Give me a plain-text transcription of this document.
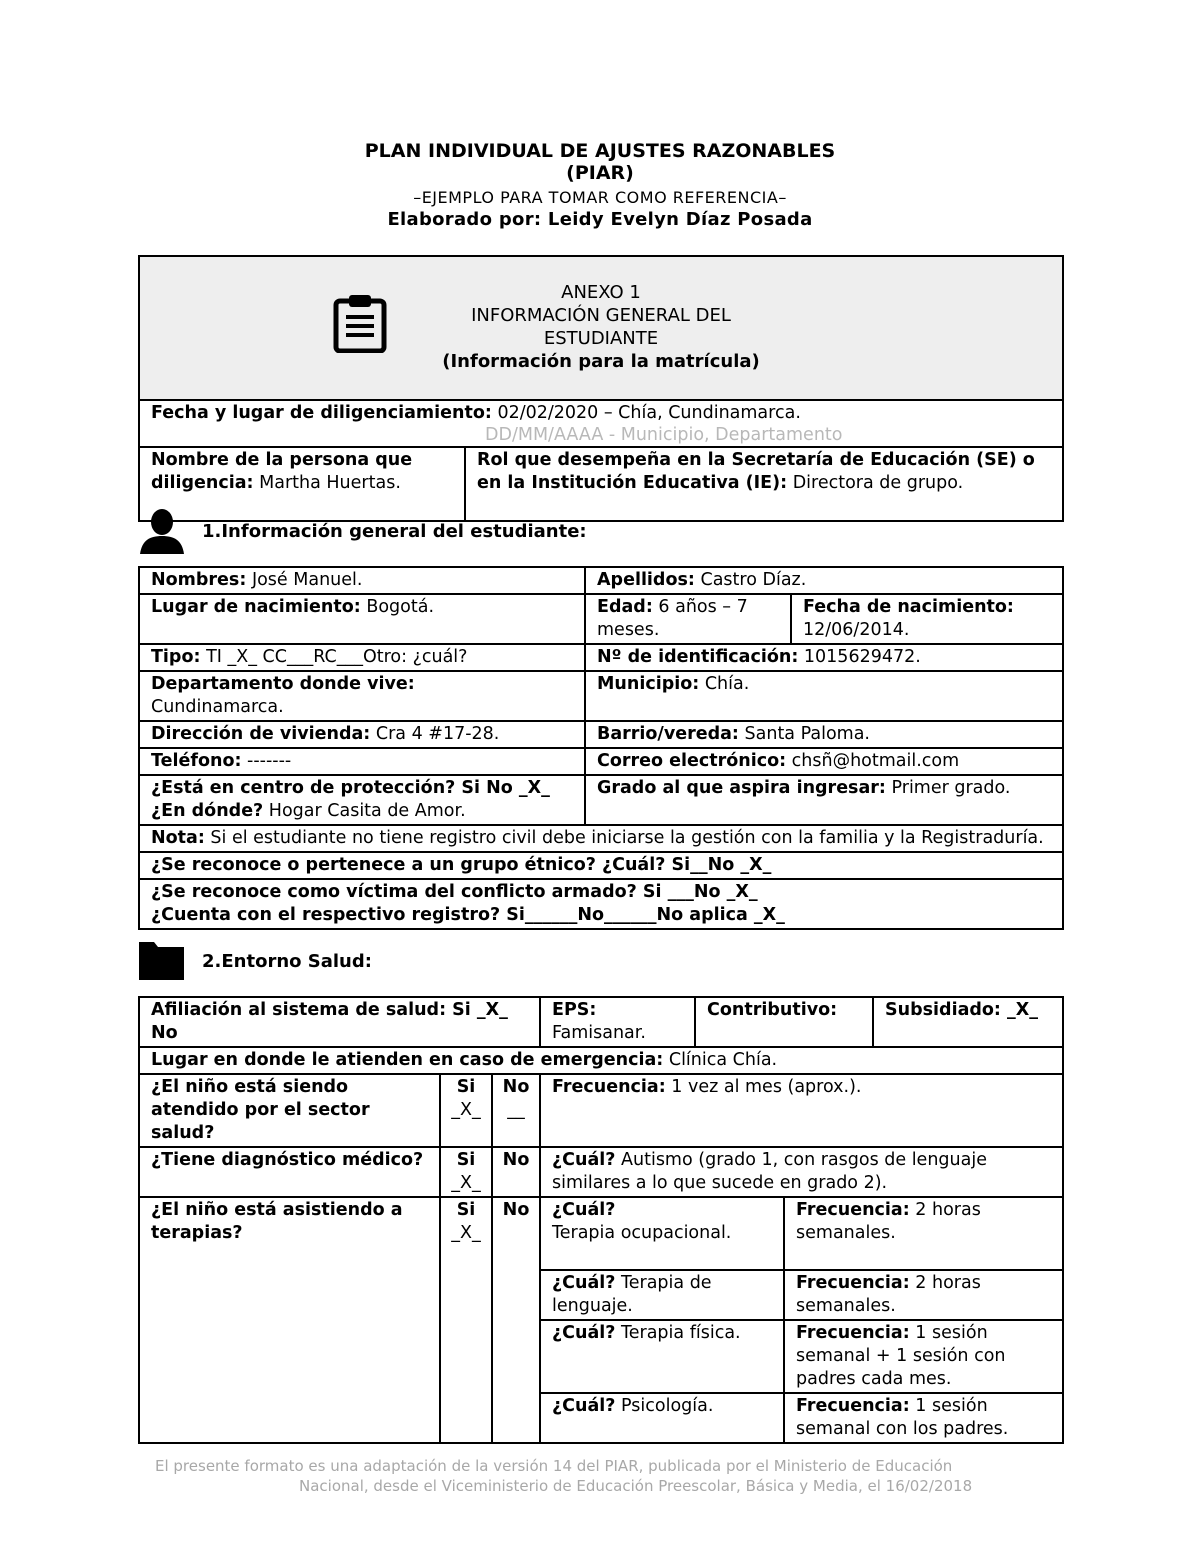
PLAN INDIVIDUAL DE AJUSTES RAZONABLES
(PIAR)
–EJEMPLO PARA TOMAR COMO REFERENCIA–
Elaborado por: Leidy Evelyn Díaz Posada
ANEXO 1
INFORMACIÓN GENERAL DEL
ESTUDIANTE
(Información para la matrícula)

Fecha y lugar de diligenciamiento: 02/02/2020 – Chía, Cundinamarca.
DD/MM/AAAA - Municipio, Departamento

Nombre de la persona que diligencia: Martha Huertas.	Rol que desempeña en la Secretaría de Educación (SE) o en la Institución Educativa (IE): Directora de grupo.
1.Información general del estudiante:
Nombres: José Manuel.	Apellidos: Castro Díaz.	
Lugar de nacimiento: Bogotá.	Edad: 6 años – 7 meses.	Fecha de nacimiento:
12/06/2014.
Tipo: TI _X_ CC___RC___Otro: ¿cuál?	Nº de identificación: 1015629472.	
Departamento donde vive:
Cundinamarca.	Municipio: Chía.	
Dirección de vivienda: Cra 4 #17-28.	Barrio/vereda: Santa Paloma.	
Teléfono: -------	Correo electrónico: chsñ@hotmail.com	
¿Está en centro de protección? Si No _X_
¿En dónde? Hogar Casita de Amor.	Grado al que aspira ingresar: Primer grado.	
Nota: Si el estudiante no tiene registro civil debe iniciarse la gestión con la familia y la Registraduría.		
¿Se reconoce o pertenece a un grupo étnico? ¿Cuál? Si__No _X_		
¿Se reconoce como víctima del conflicto armado? Si ___No _X_
¿Cuenta con el respectivo registro? Si______No______No aplica _X_		
2.Entorno Salud:
Afiliación al sistema de salud: Si _X_ No			EPS:
Famisanar.	Contributivo:		Subsidiado: _X_
Lugar en donde le atienden en caso de emergencia: Clínica Chía.						
¿El niño está siendo atendido por el sector salud?	Si
_X_	No
__	Frecuencia: 1 vez al mes (aprox.).			
¿Tiene diagnóstico médico?	Si
_X_	No	¿Cuál? Autismo (grado 1, con rasgos de lenguaje similares a lo que sucede en grado 2).			
¿El niño está asistiendo a terapias?	Si
_X_	No	¿Cuál?
Terapia ocupacional.		Frecuencia: 2 horas semanales.	
			¿Cuál? Terapia de lenguaje.		Frecuencia: 2 horas semanales.	
			¿Cuál? Terapia física.		Frecuencia: 1 sesión semanal + 1 sesión con padres cada mes.	
			¿Cuál? Psicología.		Frecuencia: 1 sesión semanal con los padres.	
El presente formato es una adaptación de la versión 14 del PIAR, publicada por el Ministerio de Educación
Nacional, desde el Viceministerio de Educación Preescolar, Básica y Media, el 16/02/2018
